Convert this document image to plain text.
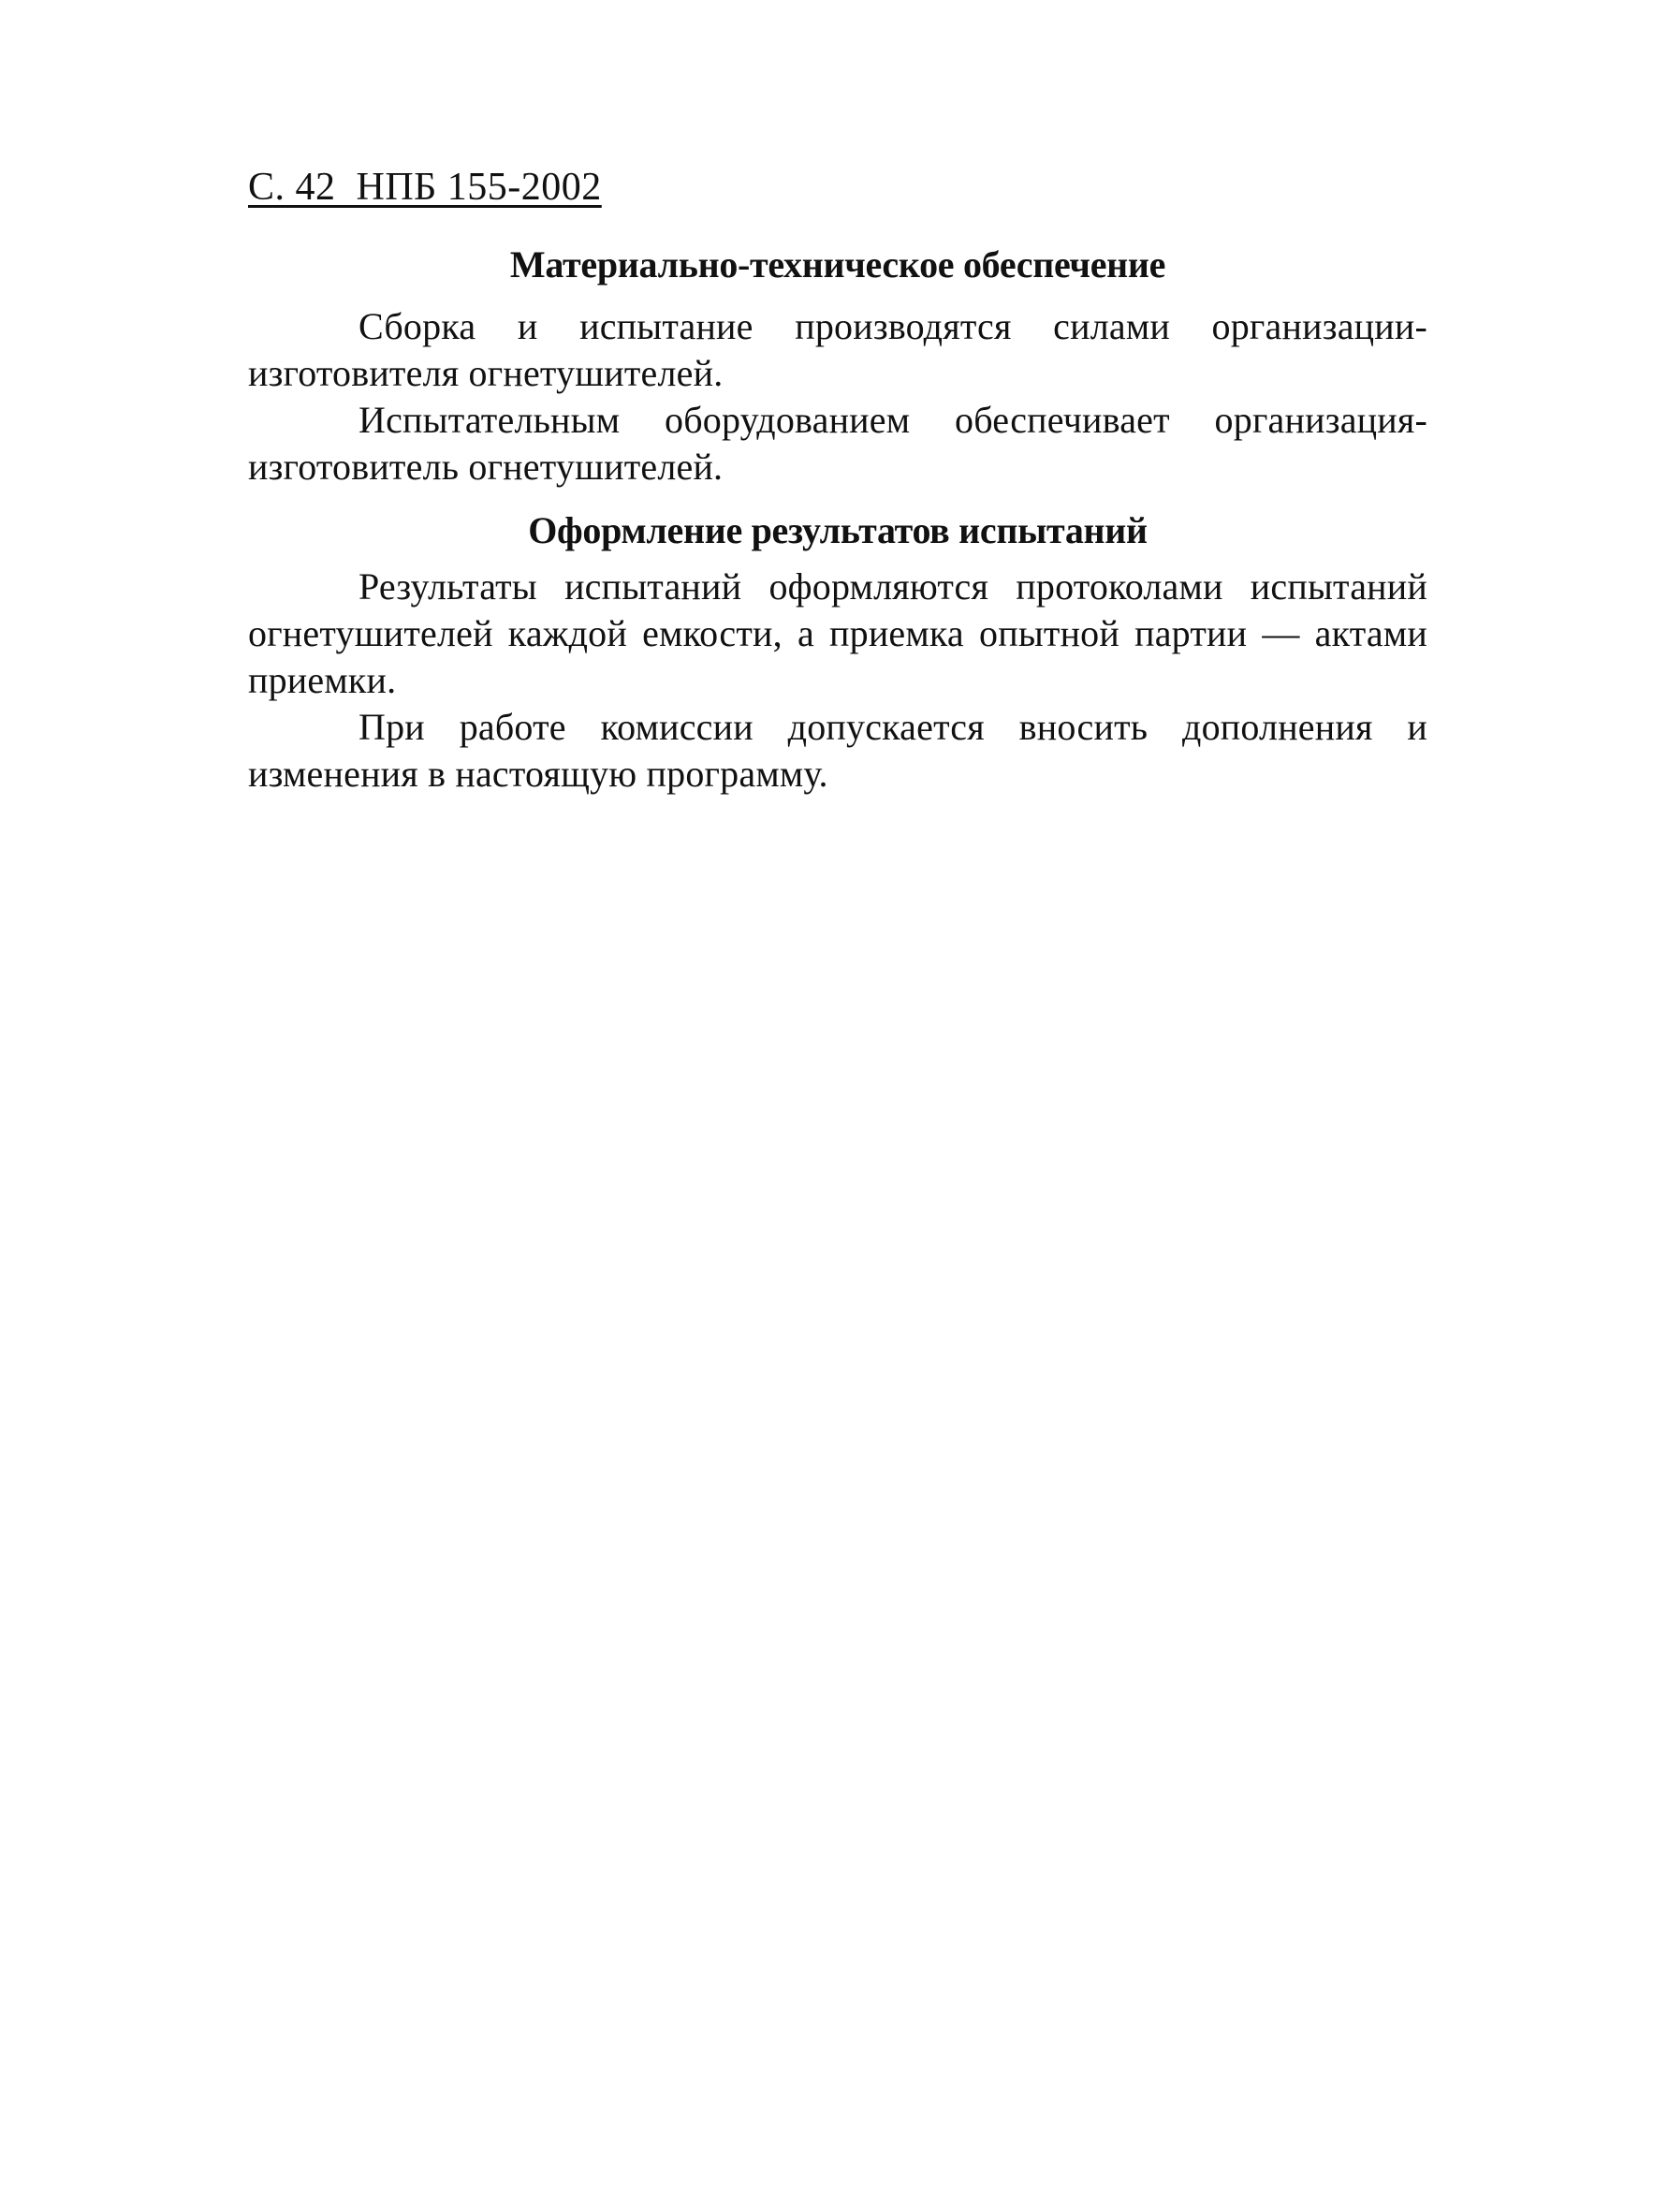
С. 42  НПБ 155-2002
Материально-техническое обеспечение

Сборка и испытание производятся силами организации-изготовителя огнетушителей.

Испытательным оборудованием обеспечивает организация-изготовитель огнетушителей.

Оформление результатов испытаний

Результаты испытаний оформляются протоколами испытаний огнетушителей каждой емкости, а приемка опытной партии — актами приемки.

При работе комиссии допускается вносить дополнения и изменения в настоящую программу.
